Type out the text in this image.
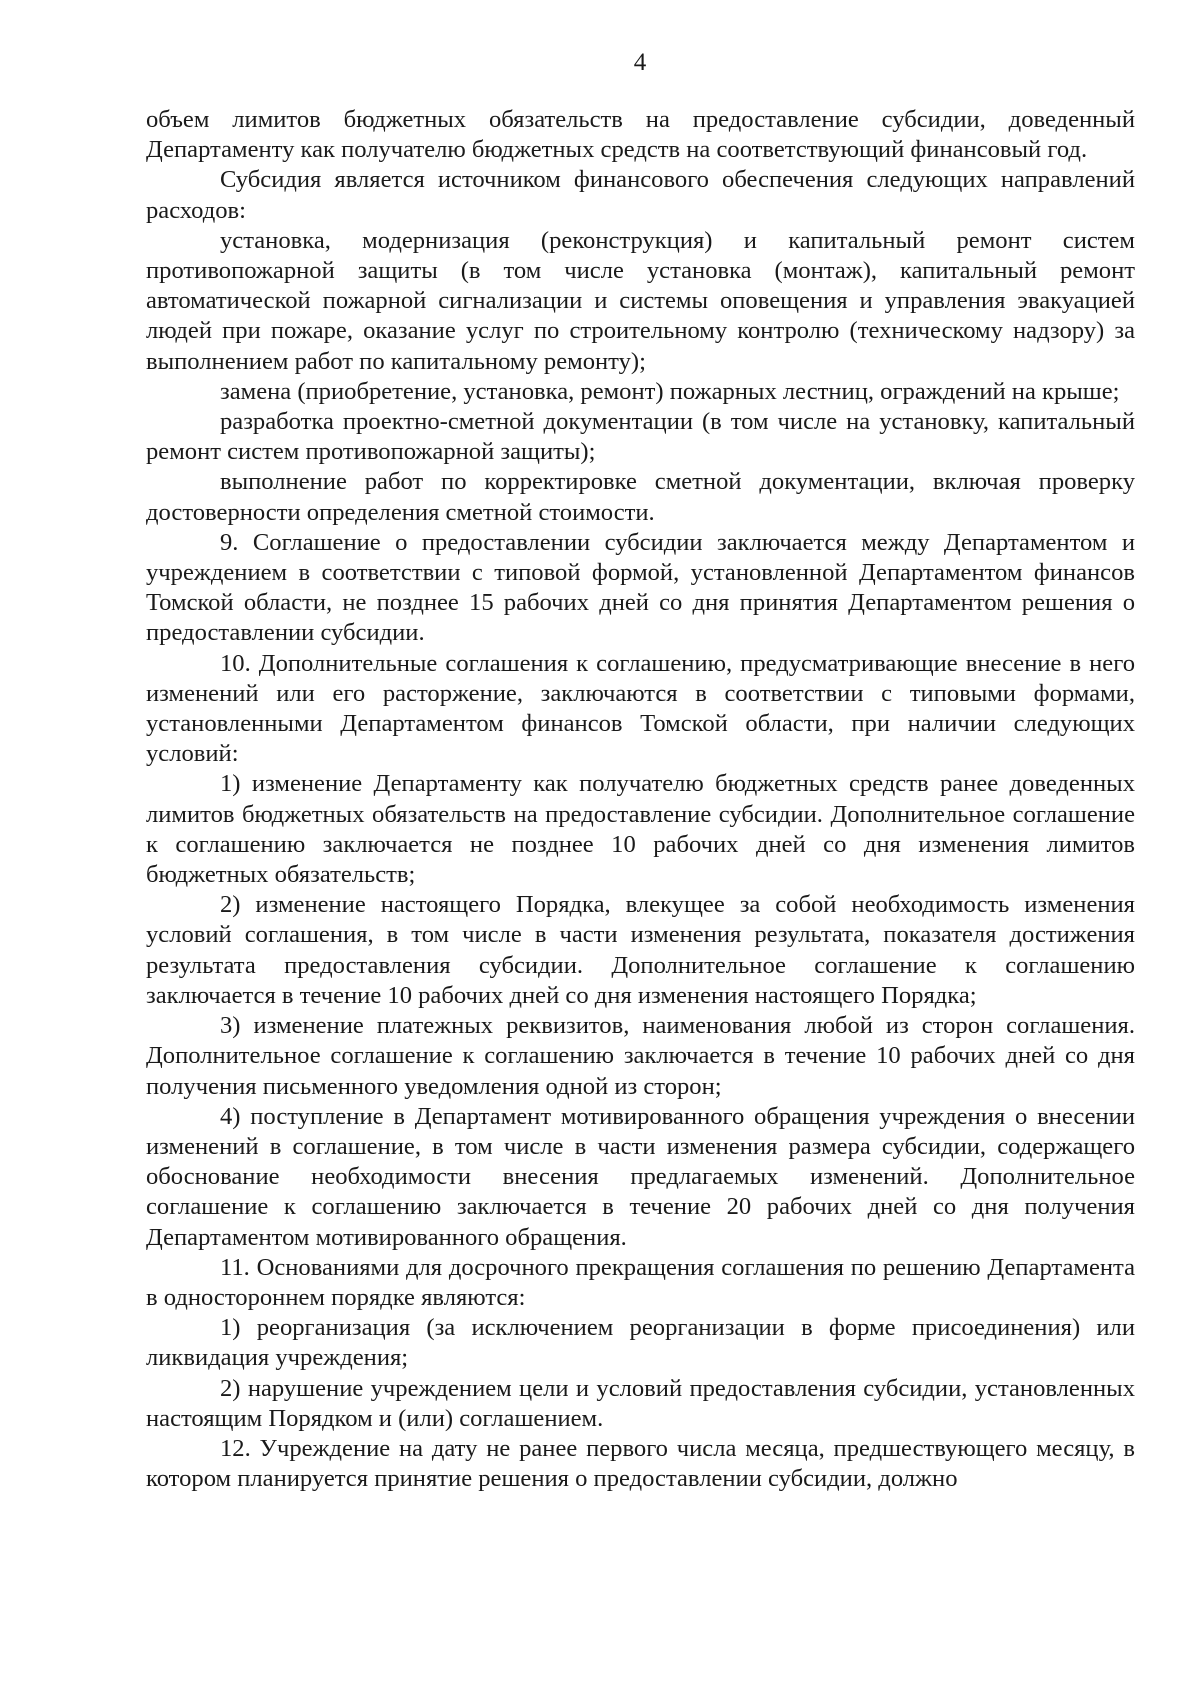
4

объем лимитов бюджетных обязательств на предоставление субсидии, доведенный Департаменту как получателю бюджетных средств на соответствующий финансовый год.

Субсидия является источником финансового обеспечения следующих направлений расходов:

установка, модернизация (реконструкция) и капитальный ремонт систем противопожарной защиты (в том числе установка (монтаж), капитальный ремонт автоматической пожарной сигнализации и системы оповещения и управления эвакуацией людей при пожаре, оказание услуг по строительному контролю (техническому надзору) за выполнением работ по капитальному ремонту);

замена (приобретение, установка, ремонт) пожарных лестниц, ограждений на крыше;

разработка проектно-сметной документации (в том числе на установку, капитальный ремонт систем противопожарной защиты);

выполнение работ по корректировке сметной документации, включая проверку достоверности определения сметной стоимости.

9. Соглашение о предоставлении субсидии заключается между Департаментом и учреждением в соответствии с типовой формой, установленной Департаментом финансов Томской области, не позднее 15 рабочих дней со дня принятия Департаментом решения о предоставлении субсидии.

10. Дополнительные соглашения к соглашению, предусматривающие внесение в него изменений или его расторжение, заключаются в соответствии с типовыми формами, установленными Департаментом финансов Томской области, при наличии следующих условий:

1) изменение Департаменту как получателю бюджетных средств ранее доведенных лимитов бюджетных обязательств на предоставление субсидии. Дополнительное соглашение к соглашению заключается не позднее 10 рабочих дней со дня изменения лимитов бюджетных обязательств;

2) изменение настоящего Порядка, влекущее за собой необходимость изменения условий соглашения, в том числе в части изменения результата, показателя достижения результата предоставления субсидии. Дополнительное соглашение к соглашению заключается в течение 10 рабочих дней со дня изменения настоящего Порядка;

3) изменение платежных реквизитов, наименования любой из сторон соглашения. Дополнительное соглашение к соглашению заключается в течение 10 рабочих дней со дня получения письменного уведомления одной из сторон;

4) поступление в Департамент мотивированного обращения учреждения о внесении изменений в соглашение, в том числе в части изменения размера субсидии, содержащего обоснование необходимости внесения предлагаемых изменений. Дополнительное соглашение к соглашению заключается в течение 20 рабочих дней со дня получения Департаментом мотивированного обращения.

11. Основаниями для досрочного прекращения соглашения по решению Департамента в одностороннем порядке являются:

1) реорганизация (за исключением реорганизации в форме присоединения) или ликвидация учреждения;

2) нарушение учреждением цели и условий предоставления субсидии, установленных настоящим Порядком и (или) соглашением.

12. Учреждение на дату не ранее первого числа месяца, предшествующего месяцу, в котором планируется принятие решения о предоставлении субсидии, должно
